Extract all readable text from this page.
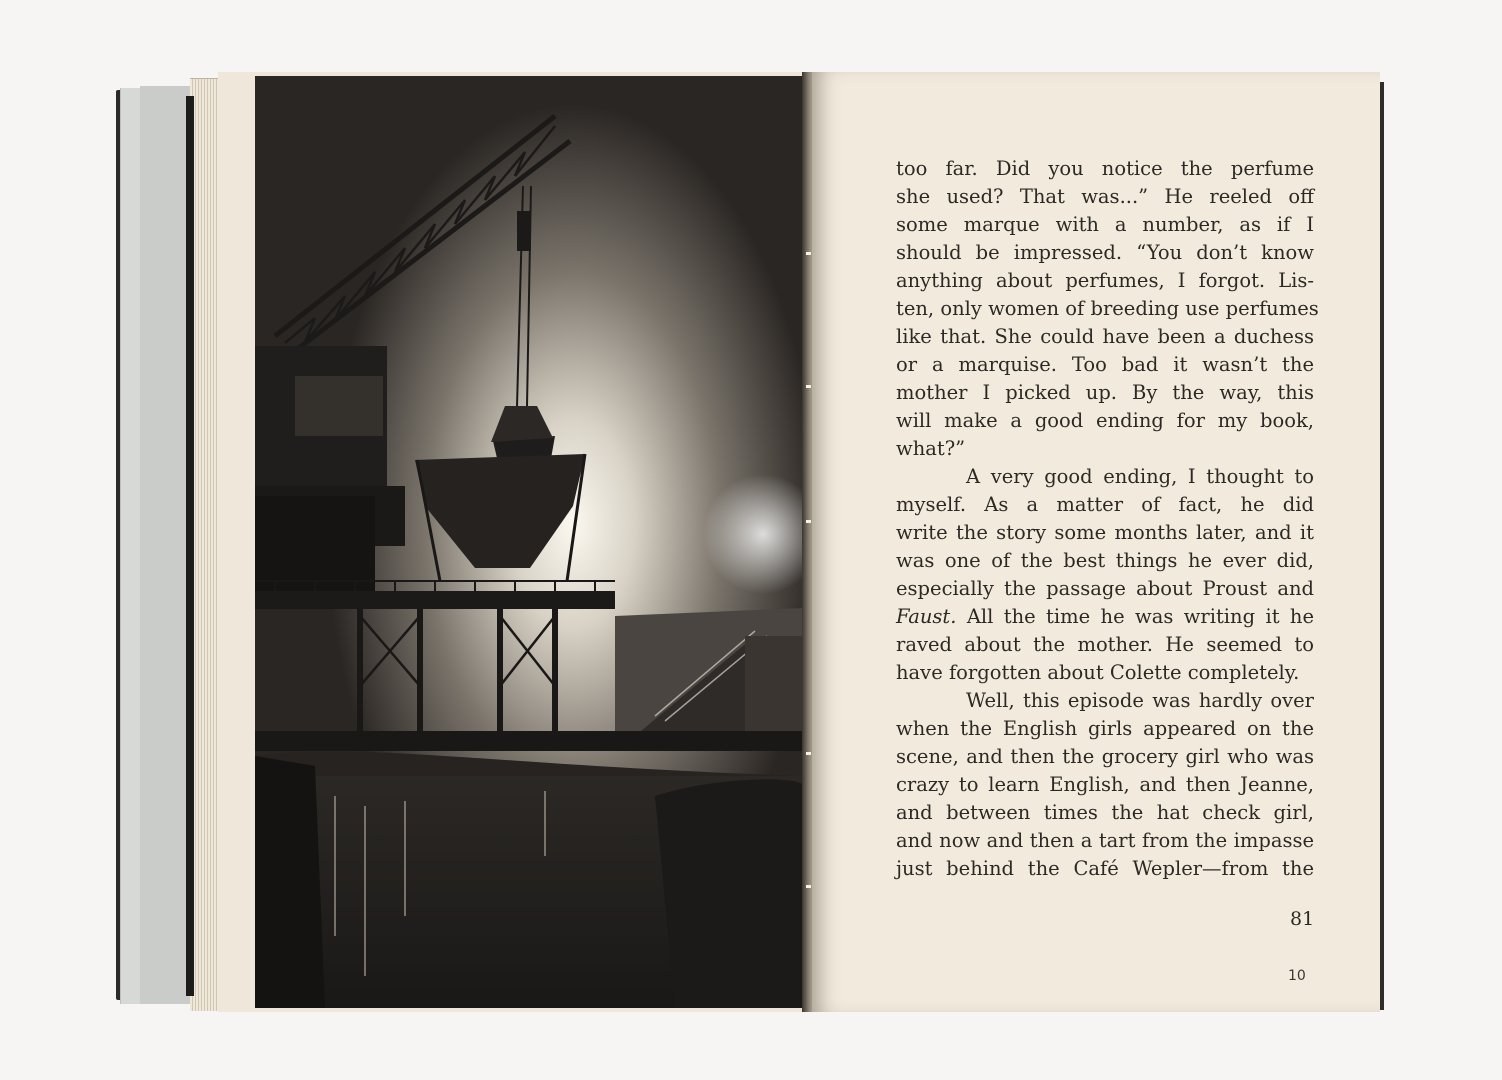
too far. Did you notice the perfume
she used? That was...” He reeled off
some marque with a number, as if I
should be impressed. “You don’t know
anything about perfumes, I forgot. Lis-
ten, only women of breeding use perfumes
like that. She could have been a duchess
or a marquise. Too bad it wasn’t the
mother I picked up. By the way, this
will make a good ending for my book,
what?”
A very good ending, I thought to
myself. As a matter of fact, he did
write the story some months later, and it
was one of the best things he ever did,
especially the passage about Proust and
Faust. All the time he was writing it he
raved about the mother. He seemed to
have forgotten about Colette completely.
Well, this episode was hardly over
when the English girls appeared on the
scene, and then the grocery girl who was
crazy to learn English, and then Jeanne,
and between times the hat check girl,
and now and then a tart from the impasse
just behind the Café Wepler—from the
81
10
